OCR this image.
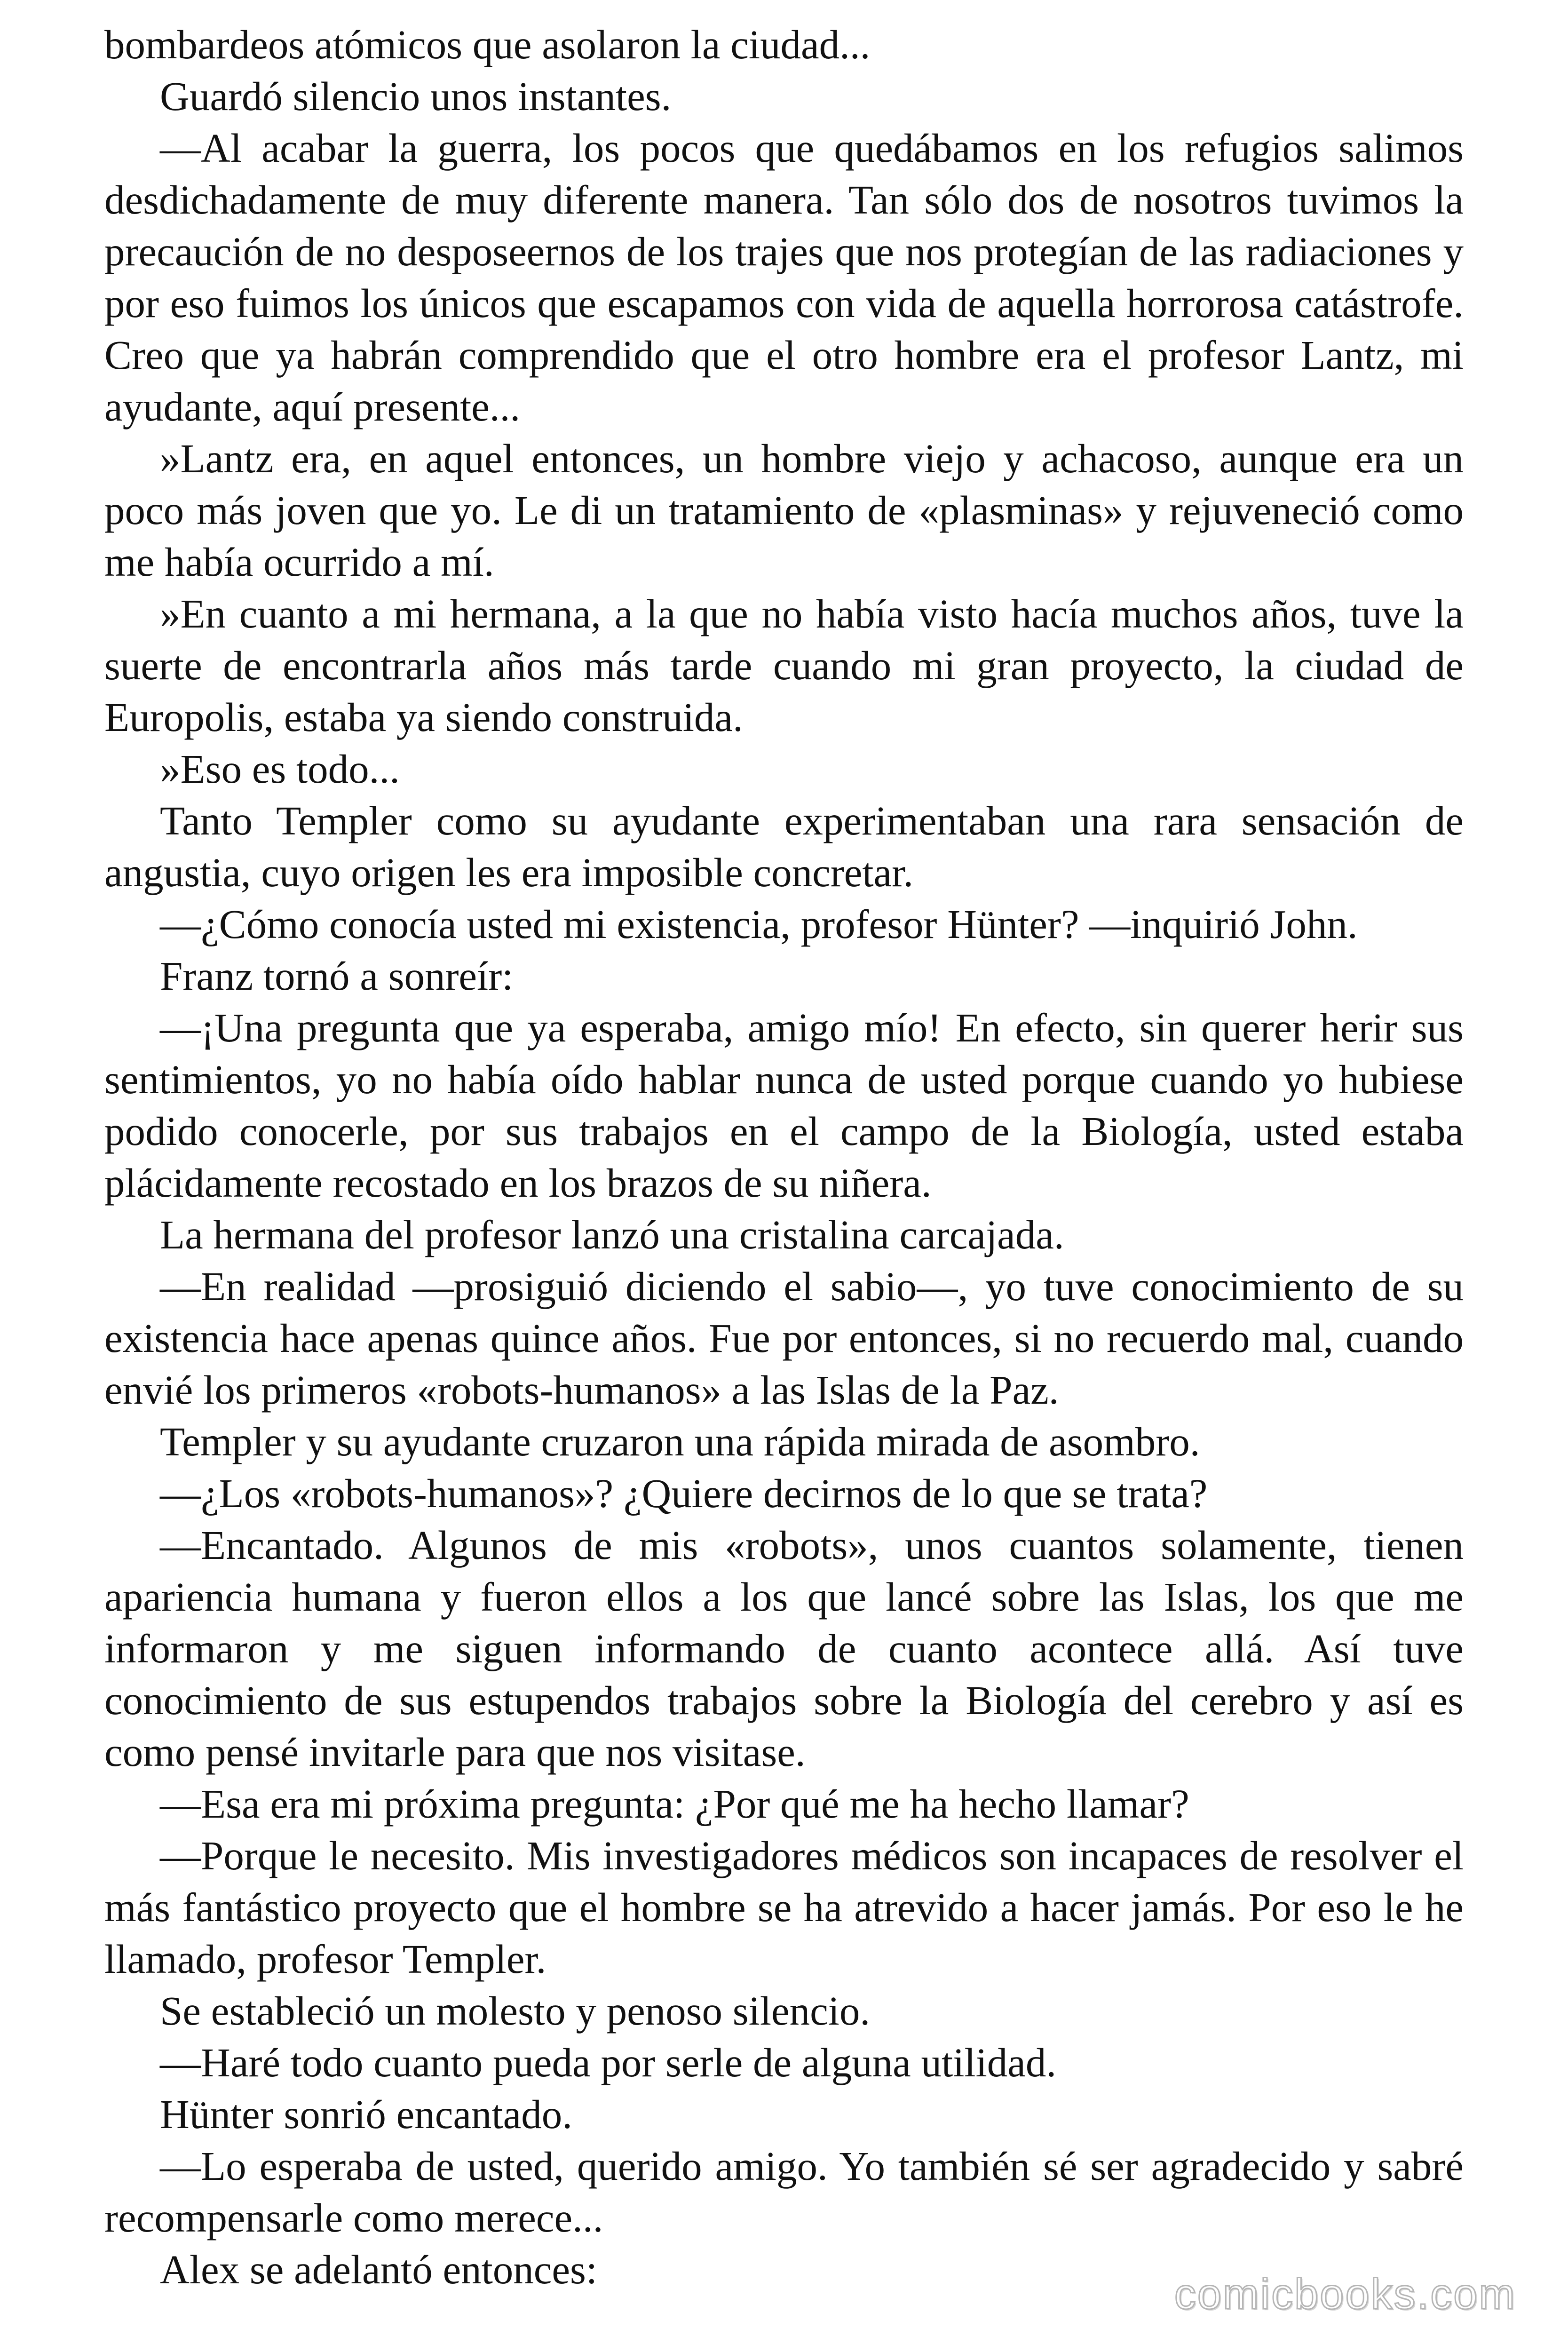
bombardeos atómicos que asolaron la ciudad...

Guardó silencio unos instantes.

—Al acabar la guerra, los pocos que quedábamos en los refugios salimos desdichadamente de muy diferente manera. Tan sólo dos de nosotros tuvimos la precaución de no desposeernos de los trajes que nos protegían de las radiaciones y por eso fuimos los únicos que escapamos con vida de aquella horrorosa catástrofe. Creo que ya habrán comprendido que el otro hombre era el profesor Lantz, mi ayudante, aquí presente...

»Lantz era, en aquel entonces, un hombre viejo y achacoso, aunque era un poco más joven que yo. Le di un tratamiento de «plasminas» y rejuveneció como me había ocurrido a mí.

»En cuanto a mi hermana, a la que no había visto hacía muchos años, tuve la suerte de encontrarla años más tarde cuando mi gran proyecto, la ciudad de Europolis, estaba ya siendo construida.

»Eso es todo...

Tanto Templer como su ayudante experimentaban una rara sensación de angustia, cuyo origen les era imposible concretar.

—¿Cómo conocía usted mi existencia, profesor Hünter? —inquirió John.

Franz tornó a sonreír:

—¡Una pregunta que ya esperaba, amigo mío! En efecto, sin querer herir sus sentimientos, yo no había oído hablar nunca de usted porque cuando yo hubiese podido conocerle, por sus trabajos en el campo de la Biología, usted estaba plácidamente recostado en los brazos de su niñera.

La hermana del profesor lanzó una cristalina carcajada.

—En realidad —prosiguió diciendo el sabio—, yo tuve conocimiento de su existencia hace apenas quince años. Fue por entonces, si no recuerdo mal, cuando envié los primeros «robots-humanos» a las Islas de la Paz.

Templer y su ayudante cruzaron una rápida mirada de asombro.

—¿Los «robots-humanos»? ¿Quiere decirnos de lo que se trata?

—Encantado. Algunos de mis «robots», unos cuantos solamente, tienen apariencia humana y fueron ellos a los que lancé sobre las Islas, los que me informaron y me siguen informando de cuanto acontece allá. Así tuve conocimiento de sus estupendos trabajos sobre la Biología del cerebro y así es como pensé invitarle para que nos visitase.

—Esa era mi próxima pregunta: ¿Por qué me ha hecho llamar?

—Porque le necesito. Mis investigadores médicos son incapaces de resolver el más fantástico proyecto que el hombre se ha atrevido a hacer jamás. Por eso le he llamado, profesor Templer.

Se estableció un molesto y penoso silencio.

—Haré todo cuanto pueda por serle de alguna utilidad.

Hünter sonrió encantado.

—Lo esperaba de usted, querido amigo. Yo también sé ser agradecido y sabré recompensarle como merece...

Alex se adelantó entonces:

comicbooks.com
